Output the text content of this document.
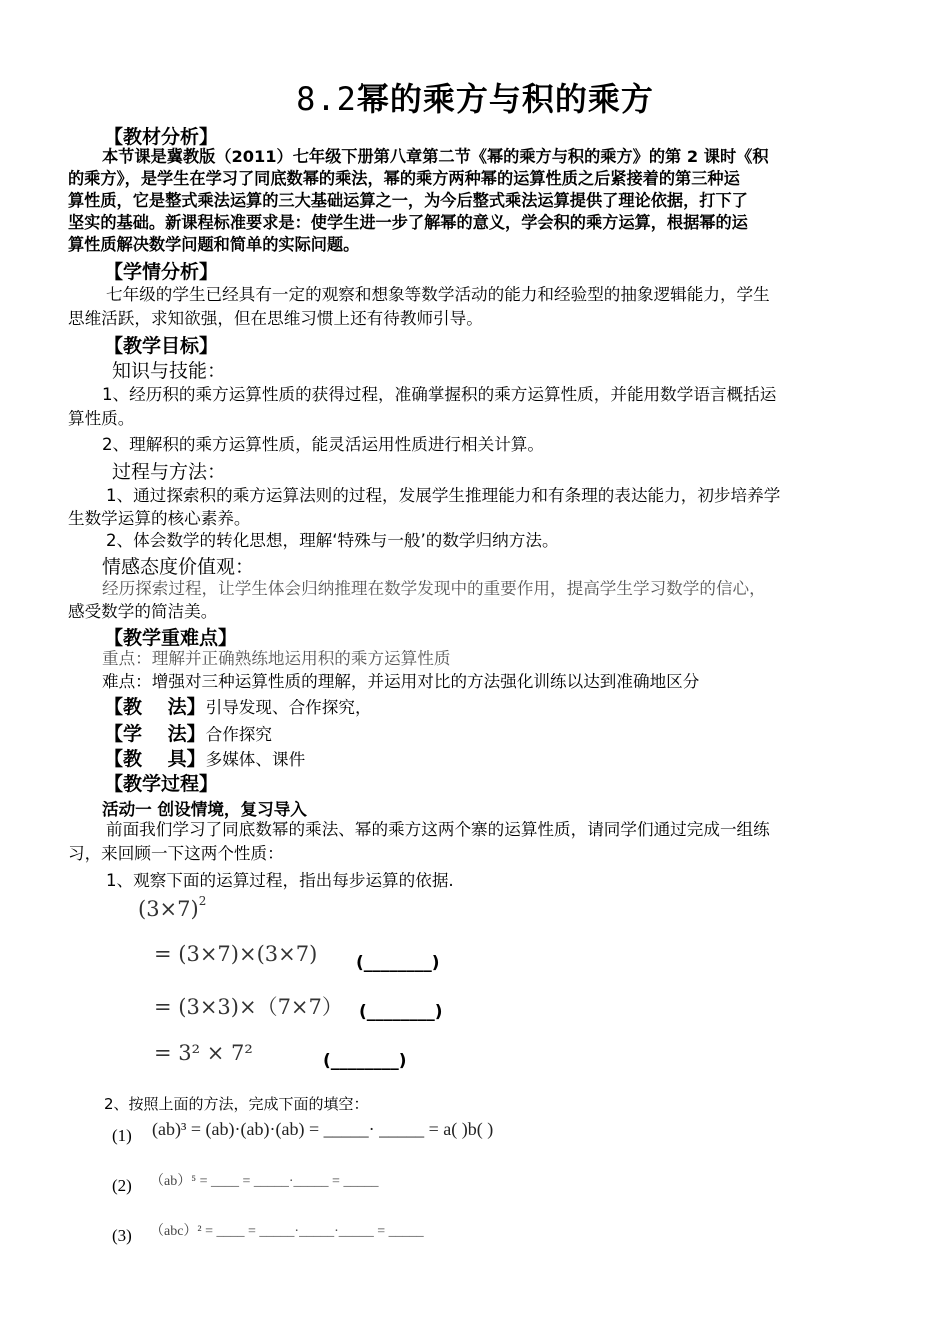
8.2幂的乘方与积的乘方
【教材分析】
本节课是冀教版（2011）七年级下册第八章第二节《幂的乘方与积的乘方》的第 2 课时《积
的乘方》，是学生在学习了同底数幂的乘法，幂的乘方两种幂的运算性质之后紧接着的第三种运
算性质，它是整式乘法运算的三大基础运算之一，为今后整式乘法运算提供了理论依据，打下了
坚实的基础。新课程标准要求是：使学生进一步了解幂的意义，学会积的乘方运算，根据幂的运
算性质解决数学问题和简单的实际问题。
【学情分析】
七年级的学生已经具有一定的观察和想象等数学活动的能力和经验型的抽象逻辑能力，学生
思维活跃，求知欲强，但在思维习惯上还有待教师引导。
【教学目标】
知识与技能：
1、经历积的乘方运算性质的获得过程，准确掌握积的乘方运算性质，并能用数学语言概括运
算性质。
2、理解积的乘方运算性质，能灵活运用性质进行相关计算。
过程与方法：
1、通过探索积的乘方运算法则的过程，发展学生推理能力和有条理的表达能力，初步培养学
生数学运算的核心素养。
2、体会数学的转化思想，理解‘特殊与一般’的数学归纳方法。
情感态度价值观：
经历探索过程，让学生体会归纳推理在数学发现中的重要作用，提高学生学习数学的信心，
感受数学的简洁美。
【教学重难点】
重点：理解并正确熟练地运用积的乘方运算性质
难点：增强对三种运算性质的理解，并运用对比的方法强化训练以达到准确地区分
【教　 法】引导发现、合作探究，
【学　 法】合作探究
【教　 具】多媒体、课件
【教学过程】
活动一 创设情境，复习导入
前面我们学习了同底数幂的乘法、幂的乘方这两个寨的运算性质，请同学们通过完成一组练
习，来回顾一下这两个性质：
1、观察下面的运算过程，指出每步运算的依据.
$(3\times 7)^2$
= (3×7)×(3×7) (________)
= (3×3)×（7×7） (________)
= 3² × 7²	(________)
2、按照上面的方法，完成下面的填空：
(1) (ab)³ = (ab)·(ab)·(ab) = _____· _____ = a( )b( )
(2) （ab）⁵ = ____ = _____·_____ = _____
(3) （abc）² = ____ = _____·_____·_____ = _____
